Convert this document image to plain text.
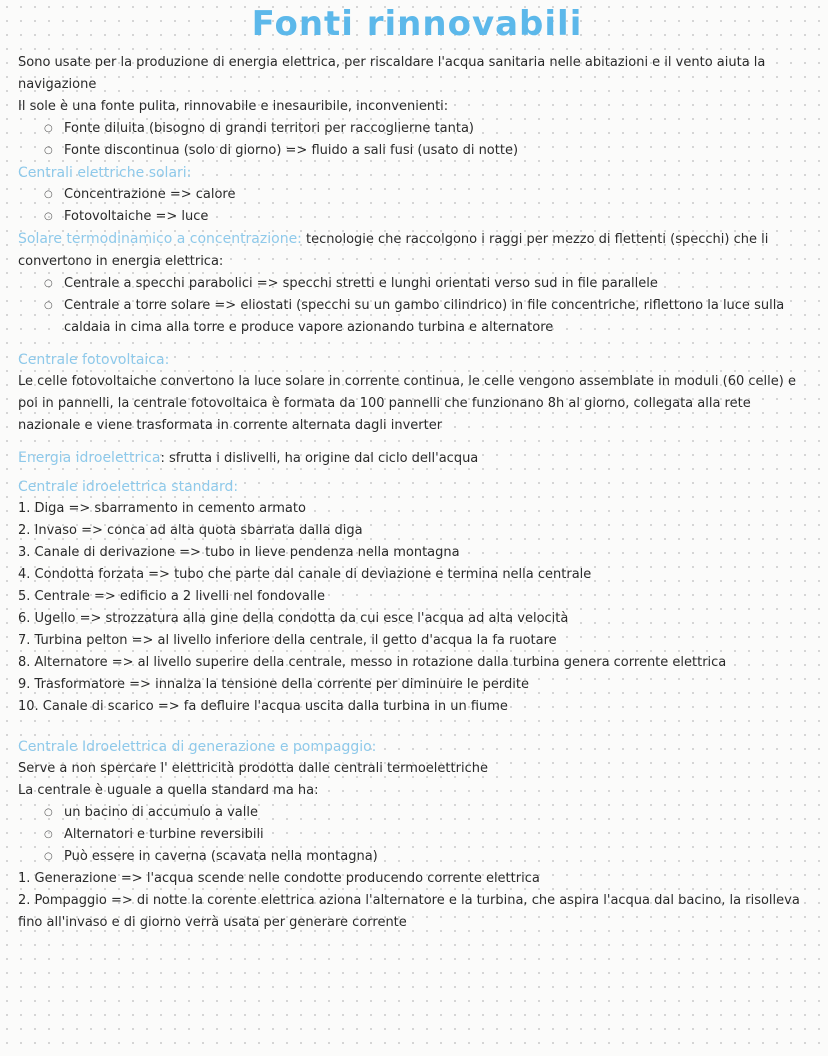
Fonti rinnovabili

Sono usate per la produzione di energia elettrica, per riscaldare l'acqua sanitaria nelle abitazioni e il vento aiuta la navigazione

Il sole è una fonte pulita, rinnovabile e inesauribile, inconvenienti:

○ Fonte diluita (bisogno di grandi territori per raccoglierne tanta)
○ Fonte discontinua (solo di giorno) => fluido a sali fusi (usato di notte)
Centrali elettriche solari:
○ Concentrazione => calore
○ Fotovoltaiche => luce

Solare termodinamico a concentrazione: tecnologie che raccolgono i raggi per mezzo di flettenti (specchi) che li convertono in energia elettrica:

○ Centrale a specchi parabolici => specchi stretti e lunghi orientati verso sud in file parallele
○ Centrale a torre solare => eliostati (specchi su un gambo cilindrico) in file concentriche, riflettono la luce sulla caldaia in cima alla torre e produce vapore azionando turbina e alternatore
Centrale fotovoltaica:

Le celle fotovoltaiche convertono la luce solare in corrente continua, le celle vengono assemblate in moduli (60 celle) e poi in pannelli, la centrale fotovoltaica è formata da 100 pannelli che funzionano 8h al giorno, collegata alla rete nazionale e viene trasformata in corrente alternata dagli inverter

Energia idroelettrica: sfrutta i dislivelli, ha origine dal ciclo dell'acqua

Centrale idroelettrica standard:
1. Diga => sbarramento in cemento armato
2. Invaso => conca ad alta quota sbarrata dalla diga
3. Canale di derivazione => tubo in lieve pendenza nella montagna
4. Condotta forzata => tubo che parte dal canale di deviazione e termina nella centrale
5. Centrale => edificio a 2 livelli nel fondovalle
6. Ugello => strozzatura alla gine della condotta da cui esce l'acqua ad alta velocità
7. Turbina pelton => al livello inferiore della centrale, il getto d'acqua la fa ruotare
8. Alternatore => al livello superire della centrale, messo in rotazione dalla turbina genera corrente elettrica
9. Trasformatore => innalza la tensione della corrente per diminuire le perdite
10. Canale di scarico => fa defluire l'acqua uscita dalla turbina in un fiume
Centrale Idroelettrica di generazione e pompaggio:

Serve a non spercare l' elettricità prodotta dalle centrali termoelettriche

La centrale è uguale a quella standard ma ha:

○ un bacino di accumulo a valle
○ Alternatori e turbine reversibili
○ Può essere in caverna (scavata nella montagna)
1. Generazione => l'acqua scende nelle condotte producendo corrente elettrica
2. Pompaggio => di notte la corente elettrica aziona l'alternatore e la turbina, che aspira l'acqua dal bacino, la risolleva fino all'invaso e di giorno verrà usata per generare corrente
